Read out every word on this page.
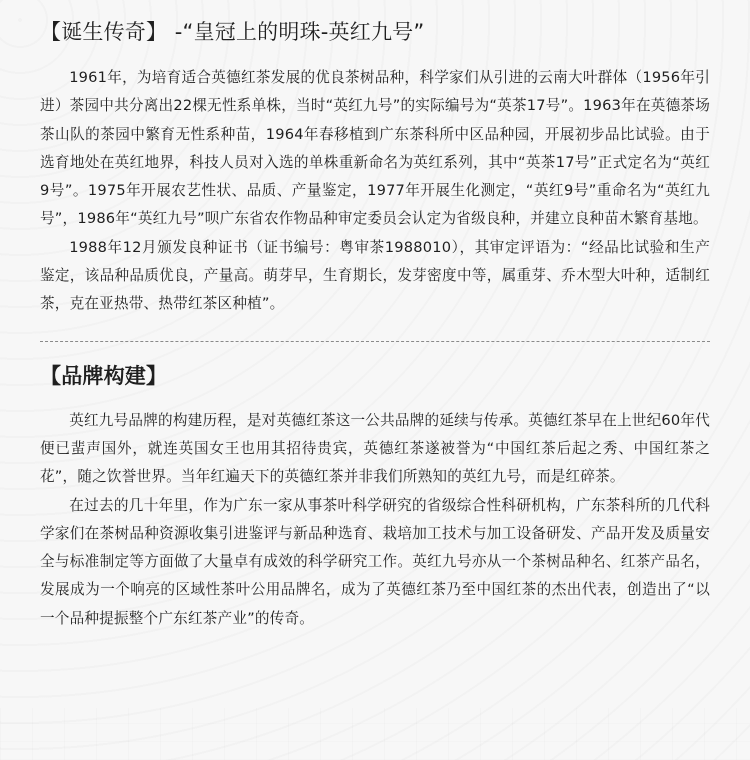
【诞生传奇】 -“皇冠上的明珠-英红九号”

1961年，为培育适合英德红茶发展的优良茶树品种，科学家们从引进的云南大叶群体（1956年引进）茶园中共分离出22棵无性系单株，当时“英红九号”的实际编号为“英茶17号”。1963年在英德茶场茶山队的茶园中繁育无性系种苗，1964年春移植到广东茶科所中区品种园，开展初步品比试验。由于选育地处在英红地界，科技人员对入选的单株重新命名为英红系列，其中“英茶17号”正式定名为“英红9号”。1975年开展农艺性状、品质、产量鉴定，1977年开展生化测定，“英红9号”重命名为“英红九号”，1986年“英红九号”呗广东省农作物品种审定委员会认定为省级良种，并建立良种苗木繁育基地。

1988年12月颁发良种证书（证书编号：粤审茶1988010），其审定评语为：“经品比试验和生产鉴定，该品种品质优良，产量高。萌芽早，生育期长，发芽密度中等，属重芽、乔木型大叶种，适制红茶，克在亚热带、热带红茶区种植”。

【品牌构建】

英红九号品牌的构建历程，是对英德红茶这一公共品牌的延续与传承。英德红茶早在上世纪60年代便已蜚声国外，就连英国女王也用其招待贵宾，英德红茶遂被誉为“中国红茶后起之秀、中国红茶之花”，随之饮誉世界。当年红遍天下的英德红茶并非我们所熟知的英红九号，而是红碎茶。

在过去的几十年里，作为广东一家从事茶叶科学研究的省级综合性科研机构，广东茶科所的几代科学家们在茶树品种资源收集引进鉴评与新品种选育、栽培加工技术与加工设备研发、产品开发及质量安全与标准制定等方面做了大量卓有成效的科学研究工作。英红九号亦从一个茶树品种名、红茶产品名，发展成为一个响亮的区域性茶叶公用品牌名，成为了英德红茶乃至中国红茶的杰出代表，创造出了“以一个品种提振整个广东红茶产业”的传奇。
